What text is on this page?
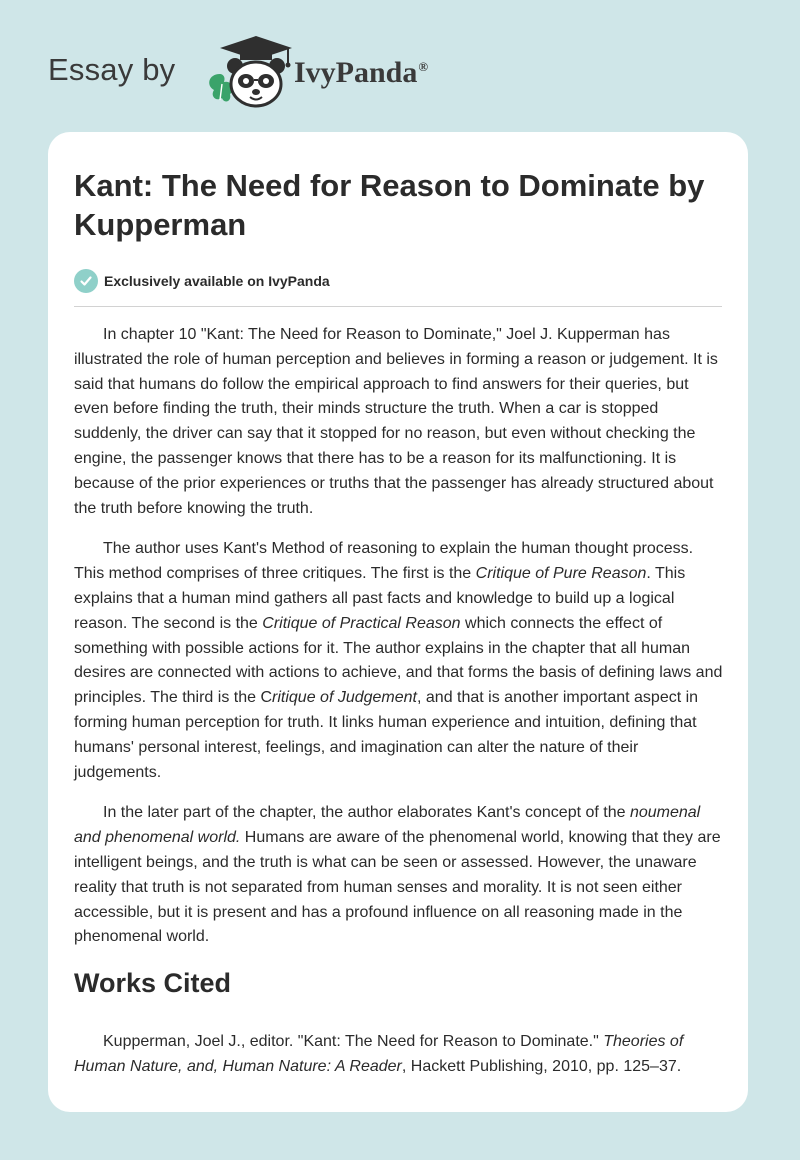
Essay by	IvyPanda®
Kant: The Need for Reason to Dominate by Kupperman
Exclusively available on IvyPanda

In chapter 10 "Kant: The Need for Reason to Dominate," Joel J. Kupperman has illustrated the role of human perception and believes in forming a reason or judgement. It is said that humans do follow the empirical approach to find answers for their queries, but even before finding the truth, their minds structure the truth. When a car is stopped suddenly, the driver can say that it stopped for no reason, but even without checking the engine, the passenger knows that there has to be a reason for its malfunctioning. It is because of the prior experiences or truths that the passenger has already structured about the truth before knowing the truth.

The author uses Kant's Method of reasoning to explain the human thought process. This method comprises of three critiques. The first is the Critique of Pure Reason. This explains that a human mind gathers all past facts and knowledge to build up a logical reason. The second is the Critique of Practical Reason which connects the effect of something with possible actions for it. The author explains in the chapter that all human desires are connected with actions to achieve, and that forms the basis of defining laws and principles. The third is the Critique of Judgement, and that is another important aspect in forming human perception for truth. It links human experience and intuition, defining that humans' personal interest, feelings, and imagination can alter the nature of their judgements.

In the later part of the chapter, the author elaborates Kant's concept of the noumenal and phenomenal world. Humans are aware of the phenomenal world, knowing that they are intelligent beings, and the truth is what can be seen or assessed. However, the unaware reality that truth is not separated from human senses and morality. It is not seen either accessible, but it is present and has a profound influence on all reasoning made in the phenomenal world.

Works Cited
Kupperman, Joel J., editor. "Kant: The Need for Reason to Dominate." Theories of Human Nature, and, Human Nature: A Reader, Hackett Publishing, 2010, pp. 125–37.
